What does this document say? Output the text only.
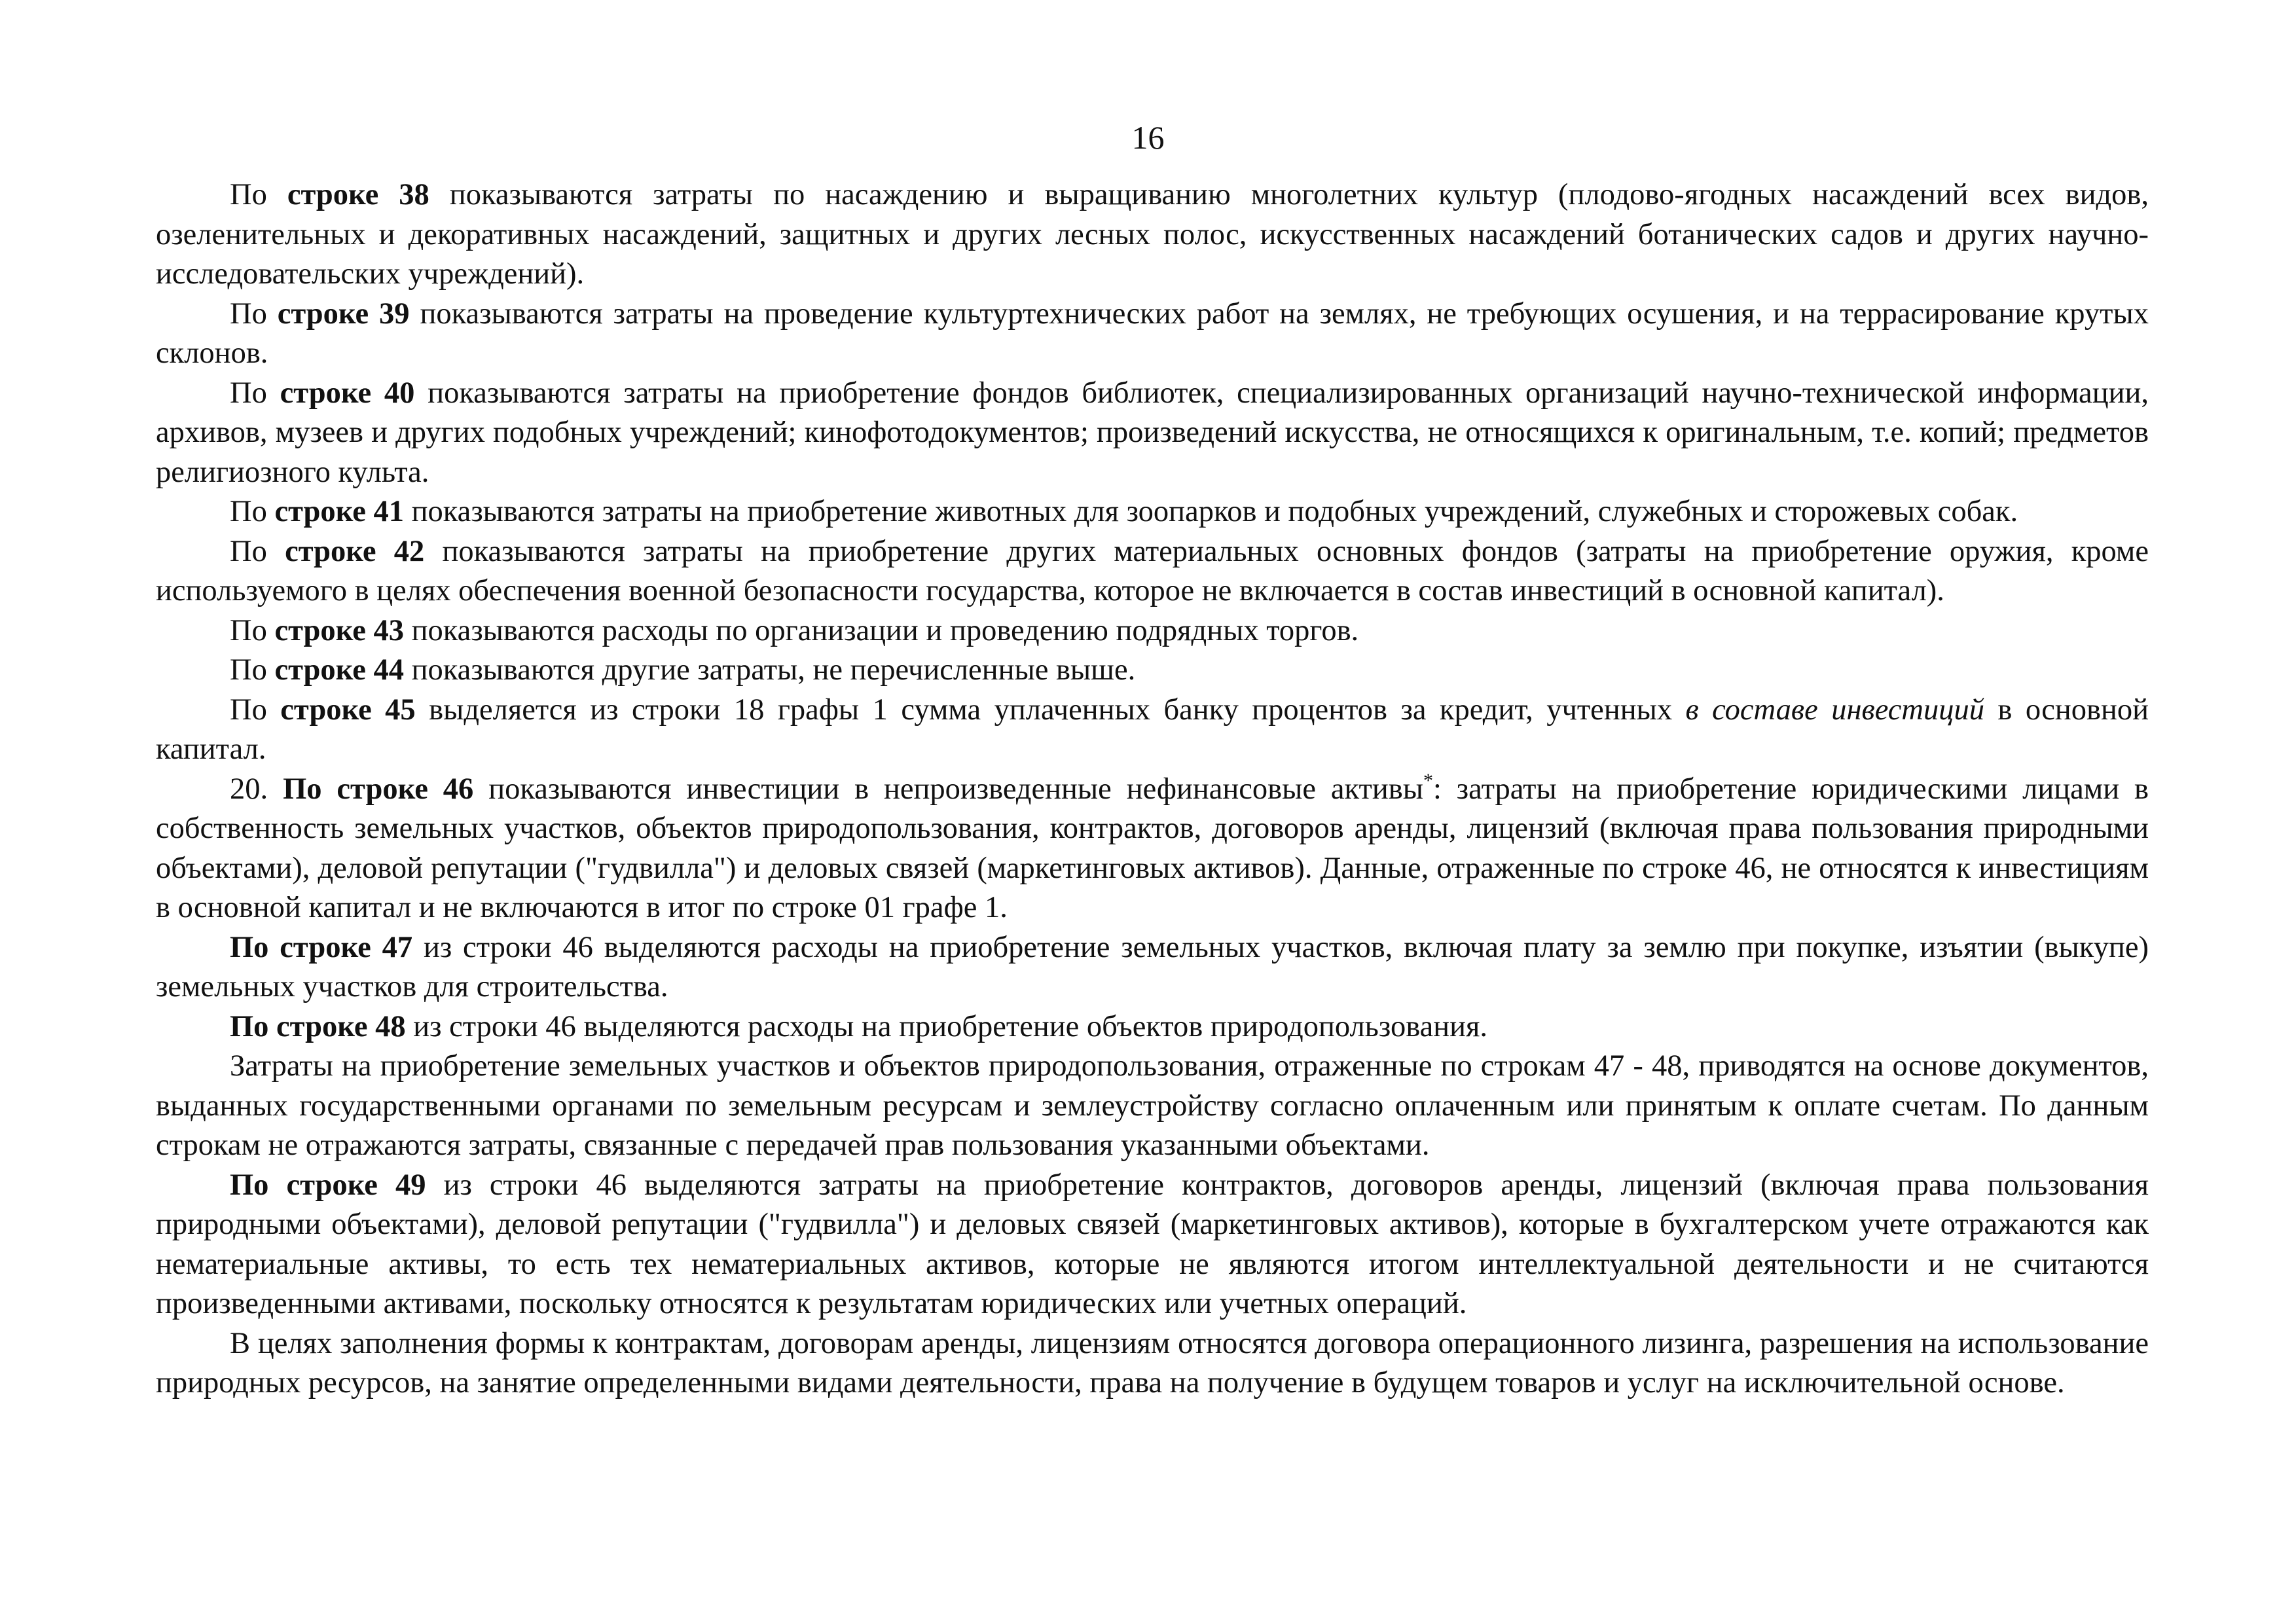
16

По строке 38 показываются затраты по насаждению и выращиванию многолетних культур (плодово-ягодных насаждений всех видов, озеленительных и декоративных насаждений, защитных и других лесных полос, искусственных насаждений ботанических садов и других научно-исследовательских учреждений).

По строке 39 показываются затраты на проведение культуртехнических работ на землях, не требующих осушения, и на террасирование крутых склонов.

По строке 40 показываются затраты на приобретение фондов библиотек, специализированных организаций научно-технической информации, архивов, музеев и других подобных учреждений; кинофотодокументов; произведений искусства, не относящихся к оригинальным, т.е. копий; предметов религиозного культа.

По строке 41 показываются затраты на приобретение животных для зоопарков и подобных учреждений, служебных и сторожевых собак.

По строке 42 показываются затраты на приобретение других материальных основных фондов (затраты на приобретение оружия, кроме используемого в целях обеспечения военной безопасности государства, которое не включается в состав инвестиций в основной капитал).

По строке 43 показываются расходы по организации и проведению подрядных торгов.

По строке 44 показываются другие затраты, не перечисленные выше.

По строке 45 выделяется из строки 18 графы 1 сумма уплаченных банку процентов за кредит, учтенных в составе инвестиций в основной капитал.

20. По строке 46 показываются инвестиции в непроизведенные нефинансовые активы*: затраты на приобретение юридическими лицами в собственность земельных участков, объектов природопользования, контрактов, договоров аренды, лицензий (включая права пользования природными объектами), деловой репутации ("гудвилла") и деловых связей (маркетинговых активов). Данные, отраженные по строке 46, не относятся к инвестициям в основной капитал и не включаются в итог по строке 01 графе 1.

По строке 47 из строки 46 выделяются расходы на приобретение земельных участков, включая плату за землю при покупке, изъятии (выкупе) земельных участков для строительства.

По строке 48 из строки 46 выделяются расходы на приобретение объектов природопользования.

Затраты на приобретение земельных участков и объектов природопользования, отраженные по строкам 47 - 48, приводятся на основе документов, выданных государственными органами по земельным ресурсам и землеустройству согласно оплаченным или принятым к оплате счетам. По данным строкам не отражаются затраты, связанные с передачей прав пользования указанными объектами.

По строке 49 из строки 46 выделяются затраты на приобретение контрактов, договоров аренды, лицензий (включая права пользования природными объектами), деловой репутации ("гудвилла") и деловых связей (маркетинговых активов), которые в бухгалтерском учете отражаются как нематериальные активы, то есть тех нематериальных активов, которые не являются итогом интеллектуальной деятельности и не считаются произведенными активами, поскольку относятся к результатам юридических или учетных операций.

В целях заполнения формы к контрактам, договорам аренды, лицензиям относятся договора операционного лизинга, разрешения на использование природных ресурсов, на занятие определенными видами деятельности, права на получение в будущем товаров и услуг на исключительной основе.
